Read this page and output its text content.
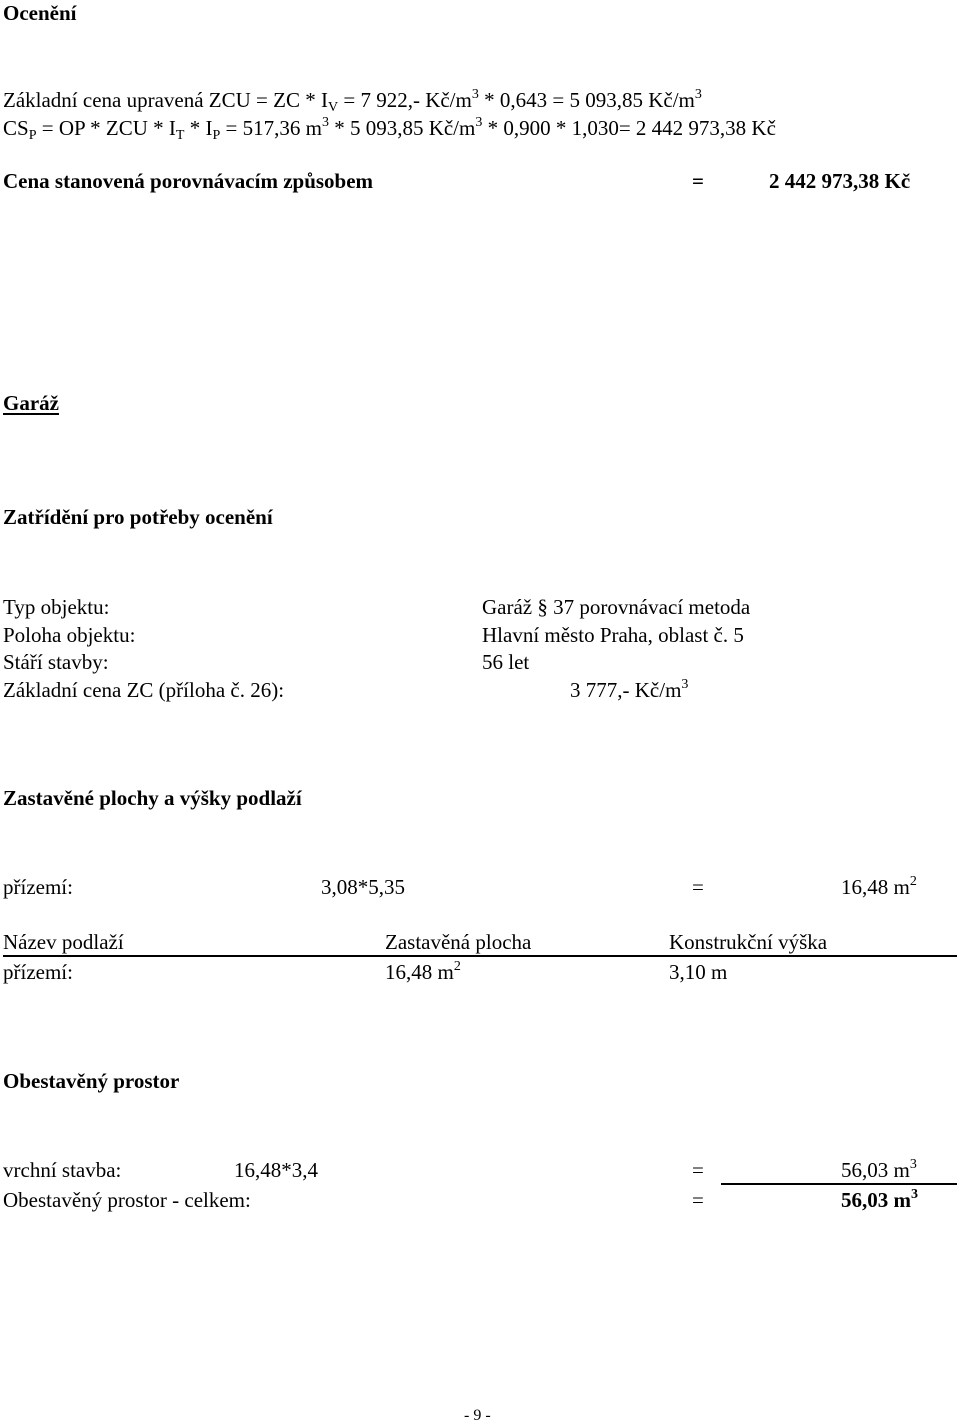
Ocenění
Základní cena upravená ZCU = ZC * $I_V = 7$ 922,- $Kč/m^3 * 0,643 = 5$ 093,85 $Kč/m^3$
$CS_P$ = OP * ZCU * $I_T * I_P = 517,36$ $m^3 * 5$ 093,85 $Kč/m^3 * 0,900 * 1,030= 2$ 442 973,38 Kč
Cena stanovená porovnávacím způsobem	=	2 442 973,38 Kč
Garáž
Zatřídění pro potřeby ocenění
Typ objektu:	Garáž § 37 porovnávací metoda
Poloha objektu:	Hlavní město Praha, oblast č. 5
Stáří stavby:	56 let
Základní cena ZC (příloha č. 26):	3 777,- $Kč/m^3$
Zastavěné plochy a výšky podlaží
přízemí:	3,08*5,35	=	16,48 $m^2$
Název podlaží	Zastavěná plocha	Konstrukční výška
přízemí:	16,48 $m^2$	3,10 m
Obestavěný prostor
vrchní stavba:	16,48*3,4	=	56,03 $m^3$
Obestavěný prostor - celkem:	=	56,03 $m^3$
- 9 -
